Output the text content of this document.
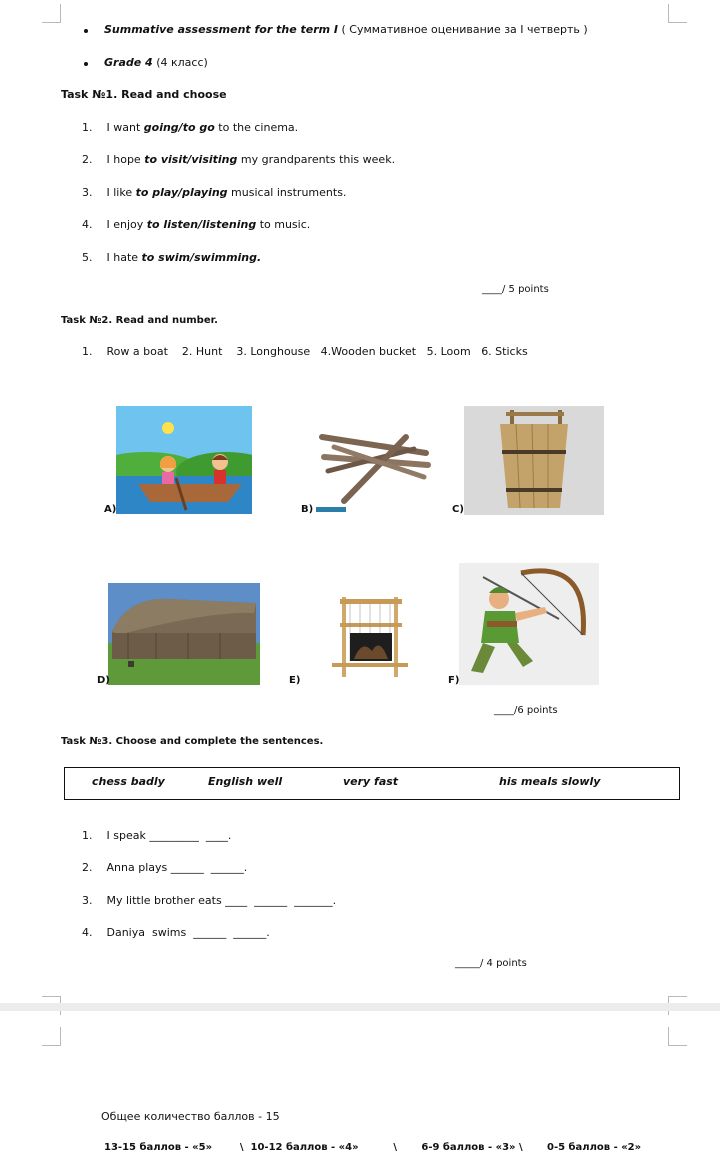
Summative assessment for the term I ( Суммативное оценивание за I четверть )
Grade 4 (4 класс)
Task №1. Read and choose
1. I want going/to go to the cinema.
2. I hope to visit/visiting my grandparents this week.
3. I like to play/playing musical instruments.
4. I enjoy to listen/listening to music.
5. I hate to swim/swimming.
____/ 5 points
Task №2. Read and number.
1. Row a boat    2. Hunt    3. Longhouse   4.Wooden bucket   5. Loom   6. Sticks
A)	B)	C)
D)	E)	F)
____/6 points
Task №3. Choose and complete the sentences.
chess badly	English well	very fast	his meals slowly
1. I speak _________  ____.
2. Anna plays ______  ______.
3. My little brother eats ____  ______  _______.
4. Daniya  swims  ______  ______.
_____/ 4 points
Общее количество баллов - 15
13-15 баллов - «5»        \  10-12 баллов - «4»          \       6-9 баллов - «3» \       0-5 баллов - «2»
